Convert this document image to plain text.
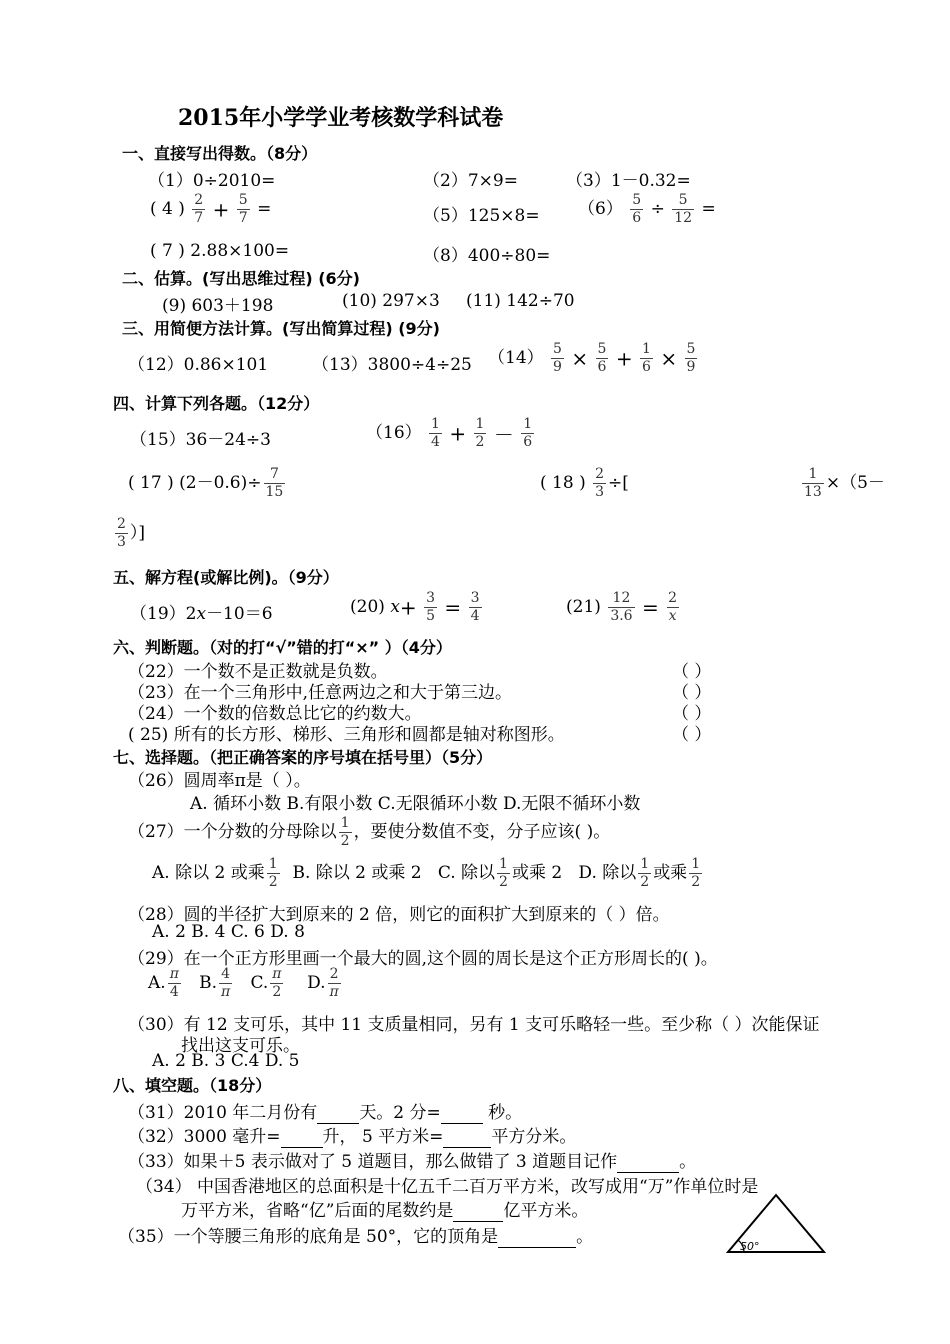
2015年小学学业考核数学科试卷
一、直接写出得数。（8分）
（1）0÷2010=	（2）7×9=	（3）1－0.32=
( 4 ) $\frac{2}{7} + \frac{5}{7}$ =	$(5)125\times 8= (6) \frac{5}{6} \div \frac{5}{12}$ =
( 7 ) 2.88×100=	（8）400÷80=
二、估算。(写出思维过程) (6分)
(9) 603＋198	(10) 297×3 (11) 142÷70
三、用简便方法计算。(写出简算过程) (9分)
（12）0.86×101	（13）3800÷4÷25 $(14) \frac{5}{9} \times \frac{5}{6} + \frac{1}{6} \times \frac{5}{9}$
四、计算下列各题。（12分）
（15）36－24÷3	$(16) \frac{1}{4} + \frac{1}{2} - \frac{1}{6}$
( 17 ) $(2-0.6)\div \frac{7}{15}$	( 18 ) $\frac{2}{3}$ ÷[	$\frac{1}{13} \times(5-$
$\frac{2}{3}$ ）]
五、解方程(或解比例)。（9分）
（19）2x－10＝6	(20) $x+ \frac{3}{5} = \frac{3}{4}$	$(21) \frac{12}{3.6} = \frac{2}{x}$
六、判断题。（对的打“√”错的打“×” ）（4分）
（22）一个数不是正数就是负数。	（ ）
（23）在一个三角形中,任意两边之和大于第三边。	（ ）
（24）一个数的倍数总比它的约数大。	（ ）
( 25) 所有的长方形、梯形、三角形和圆都是轴对称图形。	（ ）
七、选择题。（把正确答案的序号填在括号里）（5分）
（26）圆周率π是（ ）。
A. 循环小数 B.有限小数 C.无限循环小数 D.无限不循环小数
（27）一个分数的分母除以 $\frac{1}{2}$ ，要使分数值不变，分子应该( )。
A. 除以 2 或乘 $\frac{1}{2} B$. 除以 2 或乘 2 C. 除以 $\frac{1}{2}$ 或乘 2 D. 除以 $\frac{1}{2}$ 或乘 $\frac{1}{2}$
（28）圆的半径扩大到原来的 2 倍，则它的面积扩大到原来的（ ）倍。
A. 2 B. 4 C. 6 D. 8
（29）在一个正方形里画一个最大的圆,这个圆的周长是这个正方形周长的( )。
A. $\frac{\pi}{4} B$. $\frac{4}{\pi} C$. $\frac{\pi}{2} D$. $\frac{2}{\pi}$
（30）有 12 支可乐，其中 11 支质量相同，另有 1 支可乐略轻一些。至少称（ ）次能保证
找出这支可乐。
A. 2 B. 3 C.4 D. 5
八、填空题。（18分）
（31）2010 年二月份有 天。2 分=  秒。
（32）3000 毫升= 升， 5 平方米=	平方分米。
（33）如果＋5 表示做对了 5 道题目，那么做错了 3 道题目记作	。
（34） 中国香港地区的总面积是十亿五千二百万平方米，改写成用“万”作单位时是
万平方米，省略“亿”后面的尾数约是	亿平方米。
（35）一个等腰三角形的底角是 50°，它的顶角是	。	50°
